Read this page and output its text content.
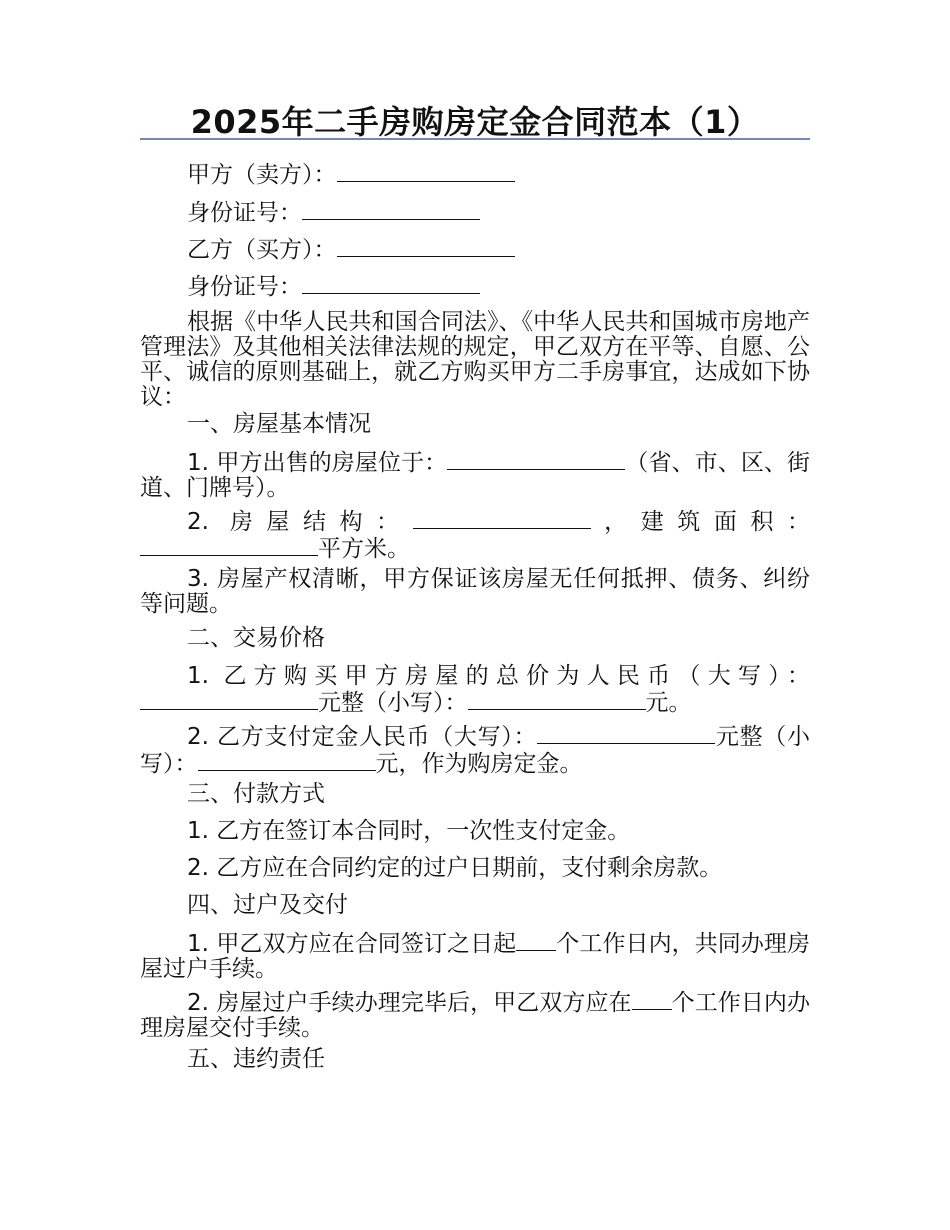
2025年二手房购房定金合同范本（1）
甲方（卖方）：
身份证号：
乙方（买方）：
身份证号：
根据《中华人民共和国合同法》、《中华人民共和国城市房地产管理法》及其他相关法律法规的规定，甲乙双方在平等、自愿、公平、诚信的原则基础上，就乙方购买甲方二手房事宜，达成如下协议：
一、房屋基本情况
1. 甲方出售的房屋位于：	（省、市、区、街道、门牌号）。
2. 房屋结构：	，建筑面积：平方米。
3. 房屋产权清晰，甲方保证该房屋无任何抵押、债务、纠纷等问题。
二、交易价格
1. 乙方购买甲方房屋的总价为人民币（大写）：元整（小写）：	元。
2. 乙方支付定金人民币（大写）：	元整（小写）：	元，作为购房定金。
三、付款方式
1. 乙方在签订本合同时，一次性支付定金。
2. 乙方应在合同约定的过户日期前，支付剩余房款。
四、过户及交付
1. 甲乙双方应在合同签订之日起 个工作日内，共同办理房屋过户手续。
2. 房屋过户手续办理完毕后，甲乙双方应在 个工作日内办理房屋交付手续。
五、违约责任
